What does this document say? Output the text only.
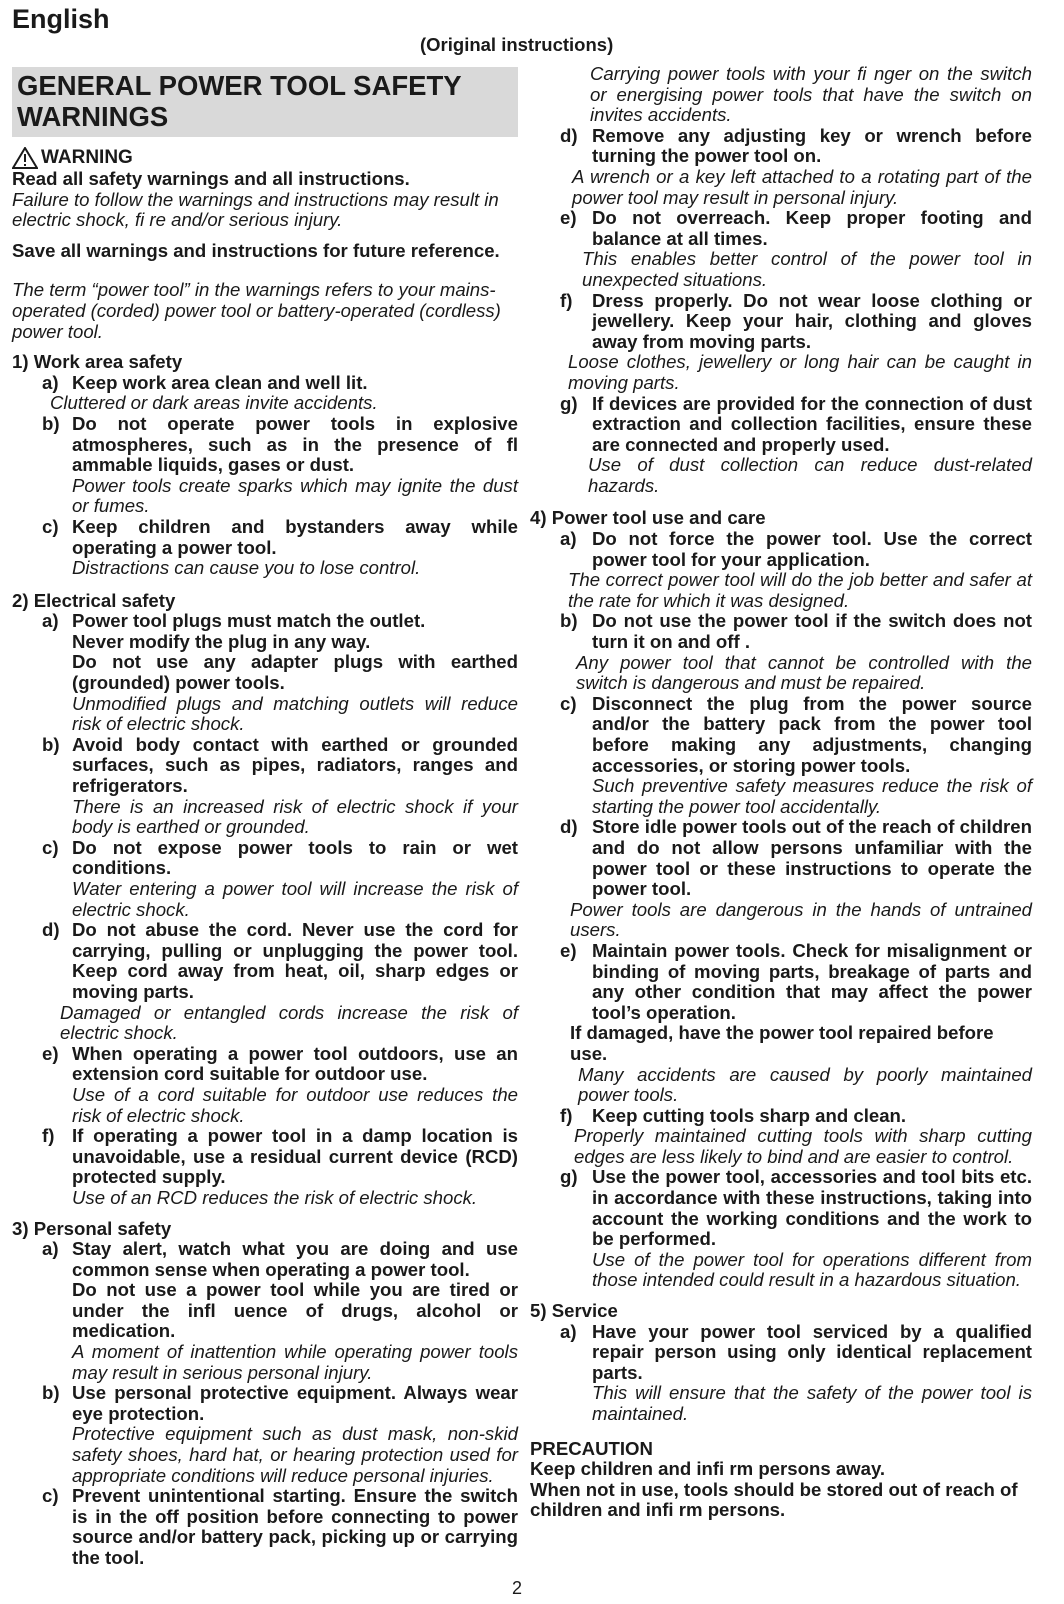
English
(Original instructions)
GENERAL POWER TOOL SAFETY WARNINGS
WARNING
Read all safety warnings and all instructions.
Failure to follow the warnings and instructions may result in electric shock, fi re and/or serious injury.
Save all warnings and instructions for future reference.
The term “power tool” in the warnings refers to your mains-operated (corded) power tool or battery-operated (cordless) power tool.
1) Work area safety
a) Keep work area clean and well lit.
Cluttered or dark areas invite accidents.
b) Do not operate power tools in explosive atmospheres, such as in the presence of fl ammable liquids, gases or dust.
Power tools create sparks which may ignite the dust or fumes.
c) Keep children and bystanders away while operating a power tool.
Distractions can cause you to lose control.
2) Electrical safety
a) Power tool plugs must match the outlet.
Never modify the plug in any way.
Do not use any adapter plugs with earthed (grounded) power tools.
Unmodified plugs and matching outlets will reduce risk of electric shock.
b) Avoid body contact with earthed or grounded surfaces, such as pipes, radiators, ranges and refrigerators.
There is an increased risk of electric shock if your body is earthed or grounded.
c) Do not expose power tools to rain or wet conditions.
Water entering a power tool will increase the risk of electric shock.
d) Do not abuse the cord. Never use the cord for carrying, pulling or unplugging the power tool. Keep cord away from heat, oil, sharp edges or moving parts.
Damaged or entangled cords increase the risk of electric shock.
e) When operating a power tool outdoors, use an extension cord suitable for outdoor use.
Use of a cord suitable for outdoor use reduces the risk of electric shock.
f) If operating a power tool in a damp location is unavoidable, use a residual current device (RCD) protected supply.
Use of an RCD reduces the risk of electric shock.
3) Personal safety
a) Stay alert, watch what you are doing and use common sense when operating a power tool.
Do not use a power tool while you are tired or under the infl uence of drugs, alcohol or medication.
A moment of inattention while operating power tools may result in serious personal injury.
b) Use personal protective equipment. Always wear eye protection.
Protective equipment such as dust mask, non-skid safety shoes, hard hat, or hearing protection used for appropriate conditions will reduce personal injuries.
c) Prevent unintentional starting. Ensure the switch is in the off position before connecting to power source and/or battery pack, picking up or carrying the tool.
Carrying power tools with your fi nger on the switch or energising power tools that have the switch on invites accidents.
d) Remove any adjusting key or wrench before turning the power tool on.
A wrench or a key left attached to a rotating part of the power tool may result in personal injury.
e) Do not overreach. Keep proper footing and balance at all times.
This enables better control of the power tool in unexpected situations.
f) Dress properly. Do not wear loose clothing or jewellery. Keep your hair, clothing and gloves away from moving parts.
Loose clothes, jewellery or long hair can be caught in moving parts.
g) If devices are provided for the connection of dust extraction and collection facilities, ensure these are connected and properly used.
Use of dust collection can reduce dust-related hazards.
4) Power tool use and care
a) Do not force the power tool. Use the correct power tool for your application.
The correct power tool will do the job better and safer at the rate for which it was designed.
b) Do not use the power tool if the switch does not turn it on and off .
Any power tool that cannot be controlled with the switch is dangerous and must be repaired.
c) Disconnect the plug from the power source and/or the battery pack from the power tool before making any adjustments, changing accessories, or storing power tools.
Such preventive safety measures reduce the risk of starting the power tool accidentally.
d) Store idle power tools out of the reach of children and do not allow persons unfamiliar with the power tool or these instructions to operate the power tool.
Power tools are dangerous in the hands of untrained users.
e) Maintain power tools. Check for misalignment or binding of moving parts, breakage of parts and any other condition that may affect the power tool’s operation.
If damaged, have the power tool repaired before use.
Many accidents are caused by poorly maintained power tools.
f) Keep cutting tools sharp and clean.
Properly maintained cutting tools with sharp cutting edges are less likely to bind and are easier to control.
g) Use the power tool, accessories and tool bits etc. in accordance with these instructions, taking into account the working conditions and the work to be performed.
Use of the power tool for operations different from those intended could result in a hazardous situation.
5) Service
a) Have your power tool serviced by a qualified repair person using only identical replacement parts.
This will ensure that the safety of the power tool is maintained.
PRECAUTION
Keep children and infi rm persons away.
When not in use, tools should be stored out of reach of children and infi rm persons.
2
